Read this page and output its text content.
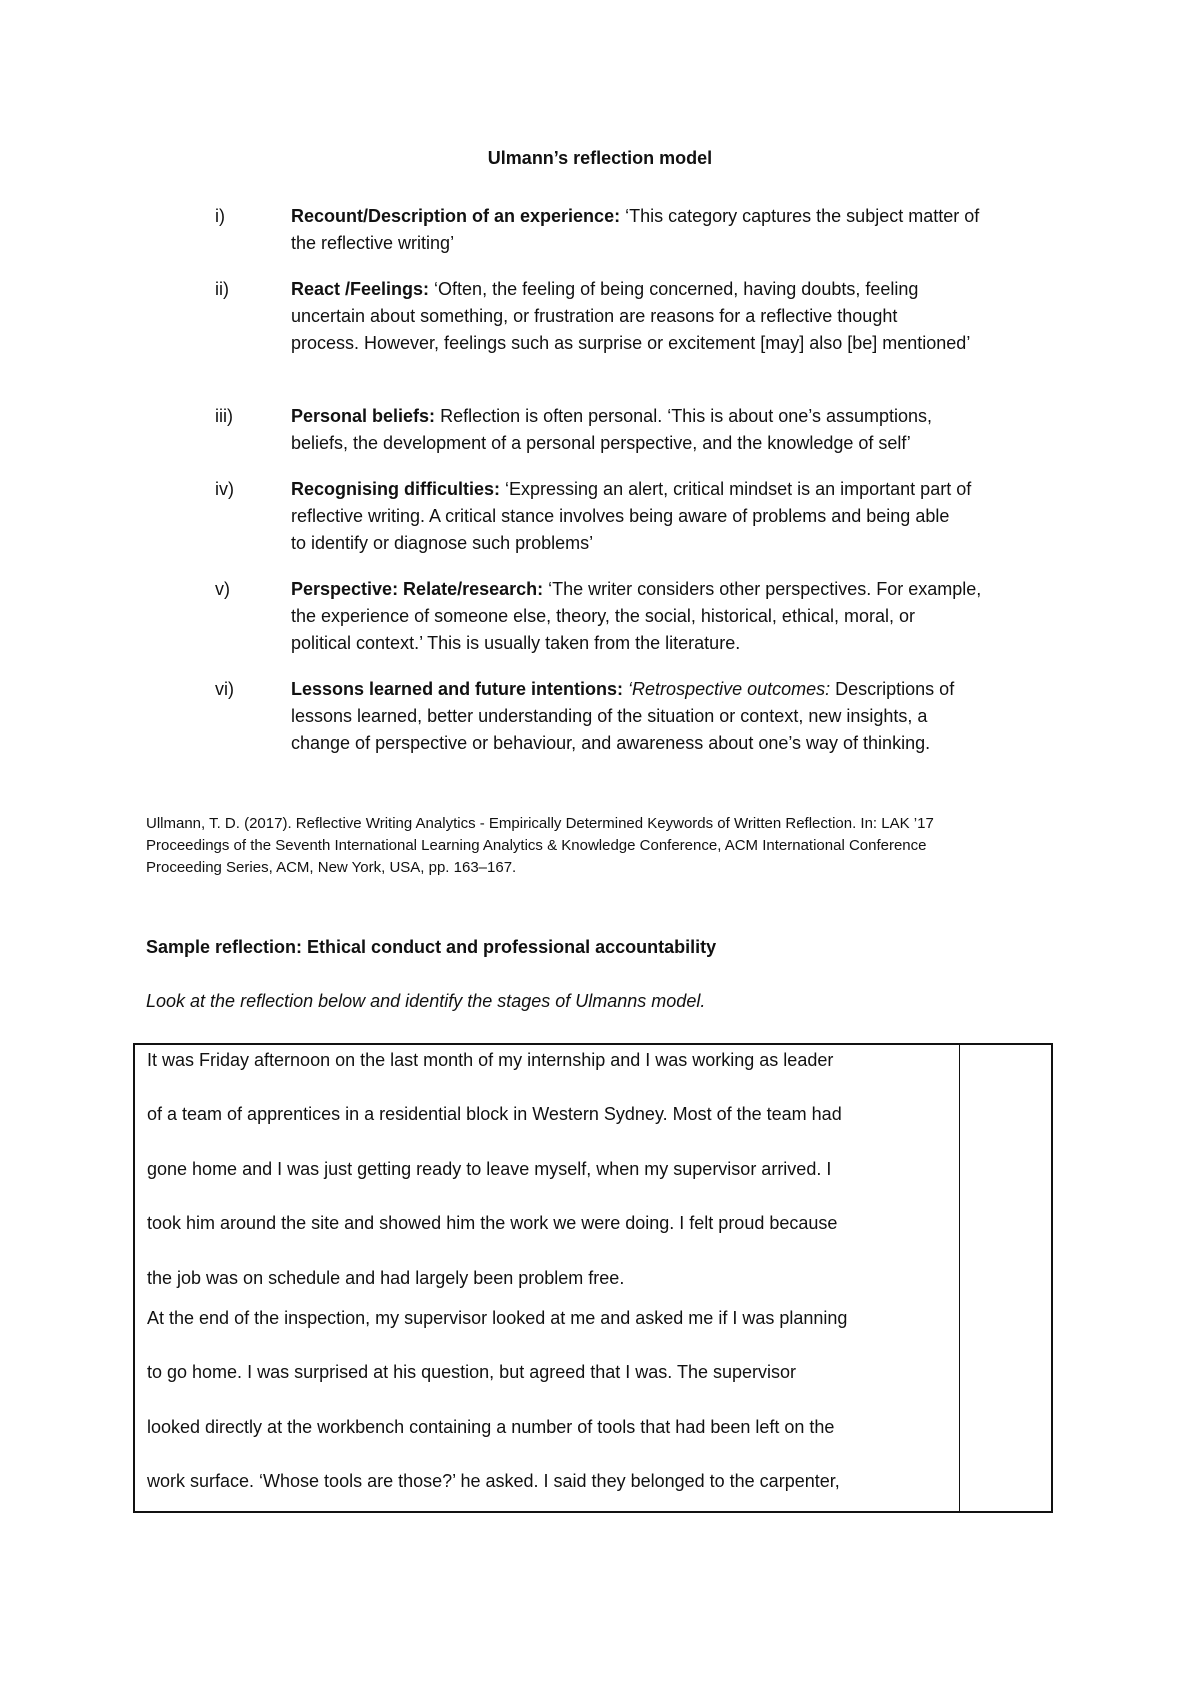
Ulmann’s reflection model
i)	Recount/Description of an experience: ‘This category captures the subject matter of
the reflective writing’
ii)	React /Feelings: ‘Often, the feeling of being concerned, having doubts, feeling
uncertain about something, or frustration are reasons for a reflective thought
process. However, feelings such as surprise or excitement [may] also [be] mentioned’
iii)	Personal beliefs: Reflection is often personal. ‘This is about one’s assumptions,
beliefs, the development of a personal perspective, and the knowledge of self’
iv)	Recognising difficulties: ‘Expressing an alert, critical mindset is an important part of
reflective writing. A critical stance involves being aware of problems and being able
to identify or diagnose such problems’
v)	Perspective: Relate/research: ‘The writer considers other perspectives. For example,
the experience of someone else, theory, the social, historical, ethical, moral, or
political context.’ This is usually taken from the literature.
vi)	Lessons learned and future intentions: ‘Retrospective outcomes: Descriptions of
lessons learned, better understanding of the situation or context, new insights, a
change of perspective or behaviour, and awareness about one’s way of thinking.
Ullmann, T. D. (2017). Reflective Writing Analytics - Empirically Determined Keywords of Written Reflection. In: LAK ’17
Proceedings of the Seventh International Learning Analytics & Knowledge Conference, ACM International Conference
Proceeding Series, ACM, New York, USA, pp. 163–167.
Sample reflection: Ethical conduct and professional accountability
Look at the reflection below and identify the stages of Ulmanns model.
It was Friday afternoon on the last month of my internship and I was working as leader
of a team of apprentices in a residential block in Western Sydney. Most of the team had
gone home and I was just getting ready to leave myself, when my supervisor arrived. I
took him around the site and showed him the work we were doing. I felt proud because
the job was on schedule and had largely been problem free.
At the end of the inspection, my supervisor looked at me and asked me if I was planning
to go home. I was surprised at his question, but agreed that I was. The supervisor
looked directly at the workbench containing a number of tools that had been left on the
work surface. ‘Whose tools are those?’ he asked. I said they belonged to the carpenter,
